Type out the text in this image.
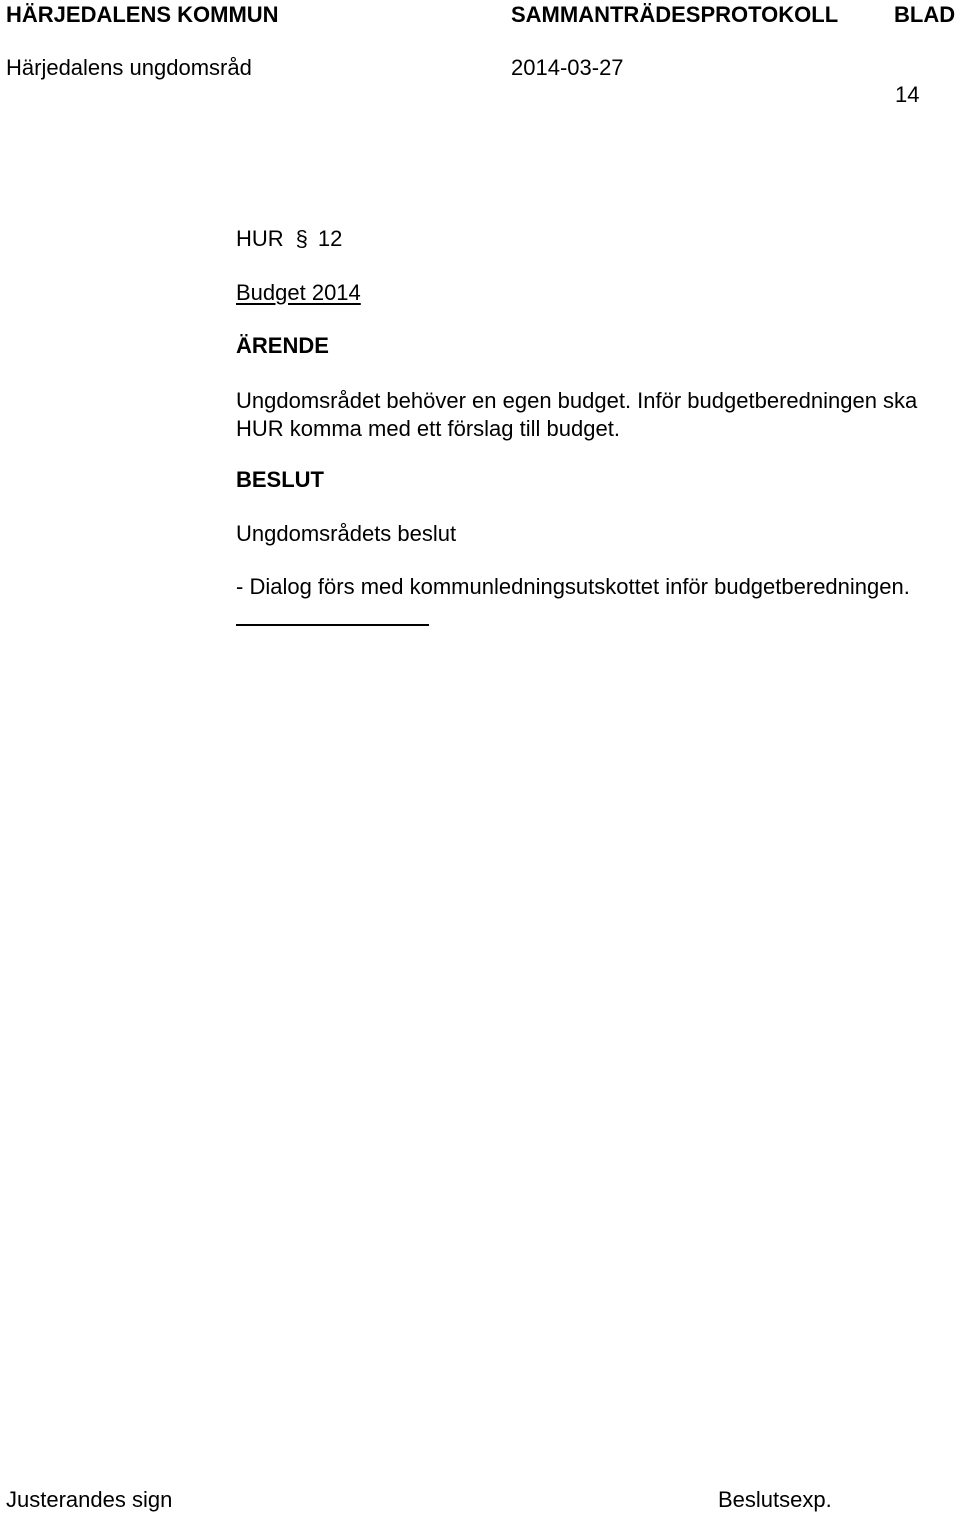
HÄRJEDALENS KOMMUN	SAMMANTRÄDESPROTOKOLL	BLAD
Härjedalens ungdomsråd	2014-03-27
14
HUR § 12
Budget 2014
ÄRENDE
Ungdomsrådet behöver en egen budget. Inför budgetberedningen ska HUR komma med ett förslag till budget.
BESLUT
Ungdomsrådets beslut
- Dialog förs med kommunledningsutskottet inför budgetberedningen.
Justerandes sign	Beslutsexp.
